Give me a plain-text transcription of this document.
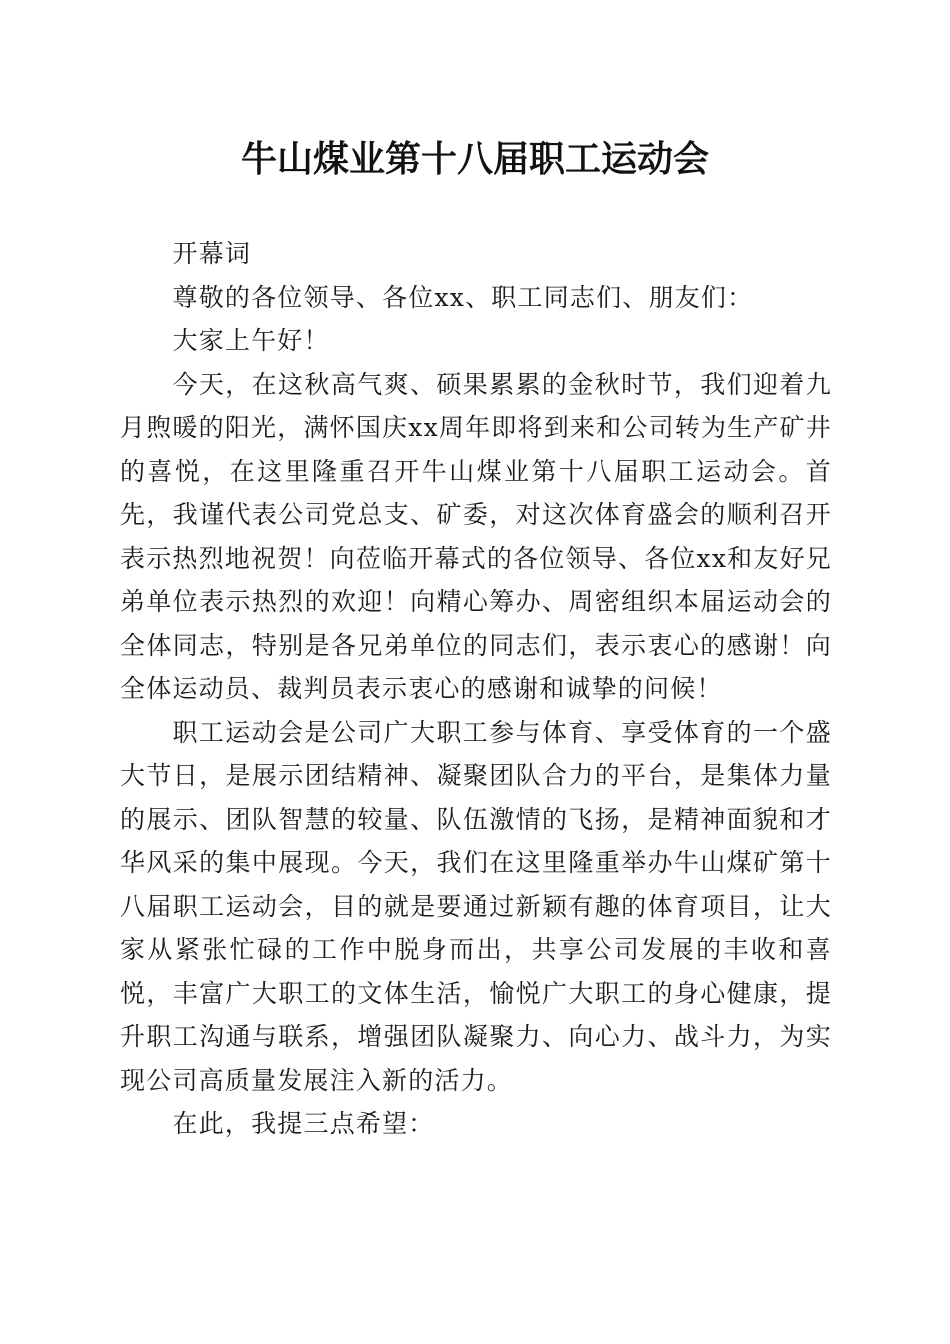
牛山煤业第十八届职工运动会

开幕词

尊敬的各位领导、各位xx、职工同志们、朋友们：

大家上午好！

今天，在这秋高气爽、硕果累累的金秋时节，我们迎着九月煦暖的阳光，满怀国庆xx周年即将到来和公司转为生产矿井的喜悦，在这里隆重召开牛山煤业第十八届职工运动会。首先，我谨代表公司党总支、矿委，对这次体育盛会的顺利召开表示热烈地祝贺！向莅临开幕式的各位领导、各位xx和友好兄弟单位表示热烈的欢迎！向精心筹办、周密组织本届运动会的全体同志，特别是各兄弟单位的同志们，表示衷心的感谢！向全体运动员、裁判员表示衷心的感谢和诚挚的问候！

职工运动会是公司广大职工参与体育、享受体育的一个盛大节日，是展示团结精神、凝聚团队合力的平台，是集体力量的展示、团队智慧的较量、队伍激情的飞扬，是精神面貌和才华风采的集中展现。今天，我们在这里隆重举办牛山煤矿第十八届职工运动会，目的就是要通过新颖有趣的体育项目，让大家从紧张忙碌的工作中脱身而出，共享公司发展的丰收和喜悦，丰富广大职工的文体生活，愉悦广大职工的身心健康，提升职工沟通与联系，增强团队凝聚力、向心力、战斗力，为实现公司高质量发展注入新的活力。

在此，我提三点希望：
